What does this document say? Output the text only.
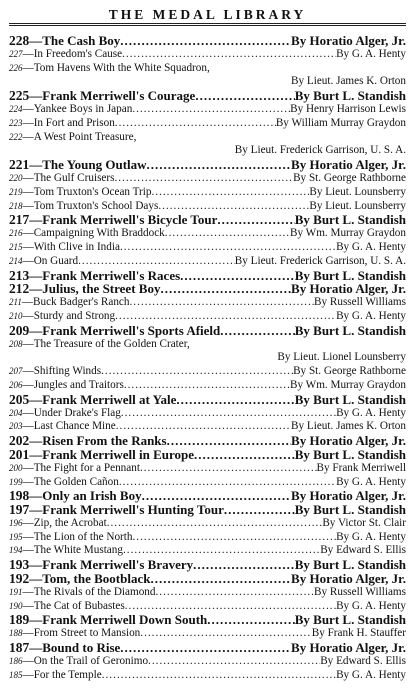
THE MEDAL LIBRARY
228 —The Cash Boy .....	By Horatio Alger, Jr.
227 —In Freedom's Cause .....	By G. A. Henty
226 —Tom Havens With the White Squadron,
By Lieut. James K. Orton
225 —Frank Merriwell's Courage .....	By Burt L. Standish
224 —Yankee Boys in Japan .....	By Henry Harrison Lewis
223 —In Fort and Prison .....	By William Murray Graydon
222 —A West Point Treasure,
By Lieut. Frederick Garrison, U. S. A.
221 —The Young Outlaw .....	By Horatio Alger, Jr.
220 —The Gulf Cruisers .....	By St. George Rathborne
219 —Tom Truxton's Ocean Trip .....	By Lieut. Lounsberry
218 —Tom Truxton's School Days .....	By Lieut. Lounsberry
217 —Frank Merriwell's Bicycle Tour .....	By Burt L. Standish
216 —Campaigning With Braddock .....	By Wm. Murray Graydon
215 —With Clive in India .....	By G. A. Henty
214 —On Guard .....	By Lieut. Frederick Garrison, U. S. A.
213 —Frank Merriwell's Races .....	By Burt L. Standish
212 —Julius, the Street Boy .....	By Horatio Alger, Jr.
211 —Buck Badger's Ranch .....	By Russell Williams
210 —Sturdy and Strong .....	By G. A. Henty
209 —Frank Merriwell's Sports Afield .....	By Burt L. Standish
208 —The Treasure of the Golden Crater,
By Lieut. Lionel Lounsberry
207 —Shifting Winds .....	By St. George Rathborne
206 —Jungles and Traitors .....	By Wm. Murray Graydon
205 —Frank Merriwell at Yale .....	By Burt L. Standish
204 —Under Drake's Flag .....	By G. A. Henty
203 —Last Chance Mine .....	By Lieut. James K. Orton
202 —Risen From the Ranks .....	By Horatio Alger, Jr.
201 —Frank Merriwell in Europe .....	By Burt L. Standish
200 —The Fight for a Pennant .....	By Frank Merriwell
199 —The Golden Cañon .....	By G. A. Henty
198 —Only an Irish Boy .....	By Horatio Alger, Jr.
197 —Frank Merriwell's Hunting Tour .....	By Burt L. Standish
196 —Zip, the Acrobat .....	By Victor St. Clair
195 —The Lion of the North .....	By G. A. Henty
194 —The White Mustang .....	By Edward S. Ellis
193 —Frank Merriwell's Bravery .....	By Burt L. Standish
192 —Tom, the Bootblack .....	By Horatio Alger, Jr.
191 —The Rivals of the Diamond .....	By Russell Williams
190 —The Cat of Bubastes .....	By G. A. Henty
189 —Frank Merriwell Down South .....	By Burt L. Standish
188 —From Street to Mansion .....	By Frank H. Stauffer
187 —Bound to Rise .....	By Horatio Alger, Jr.
186 —On the Trail of Geronimo .....	By Edward S. Ellis
185 —For the Temple .....	By G. A. Henty
